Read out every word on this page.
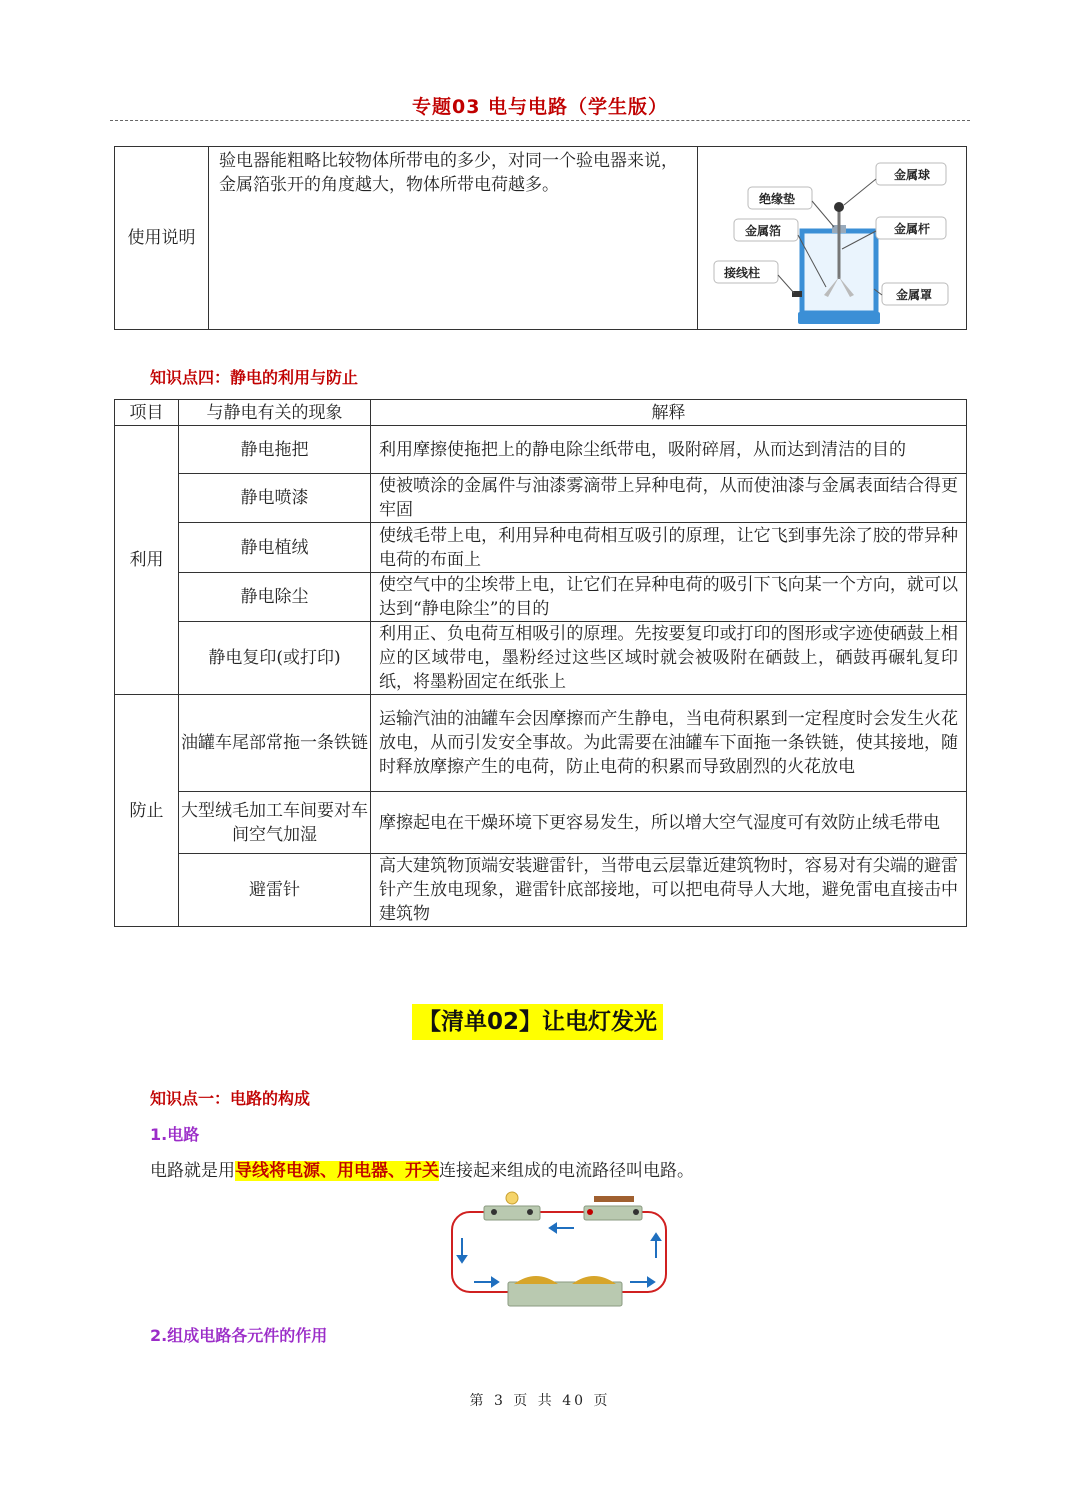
专题03 电与电路（学生版）
使用说明	验电器能粗略比较物体所带电的多少，对同一个验电器来说，金属箔张开的角度越大，物体所带电荷越多。	金属球
绝缘垫
金属箔	金属杆
接线柱
金属罩
知识点四：静电的利用与防止
项目	与静电有关的现象	解释
利用	静电拖把	利用摩擦使拖把上的静电除尘纸带电，吸附碎屑，从而达到清洁的目的
	静电喷漆	使被喷涂的金属件与油漆雾滴带上异种电荷，从而使油漆与金属表面结合得更牢固
	静电植绒	使绒毛带上电，利用异种电荷相互吸引的原理，让它飞到事先涂了胶的带异种电荷的布面上
	静电除尘	使空气中的尘埃带上电，让它们在异种电荷的吸引下飞向某一个方向，就可以达到“静电除尘”的目的
	静电复印(或打印)	利用正、负电荷互相吸引的原理。先按要复印或打印的图形或字迹使硒鼓上相应的区域带电，墨粉经过这些区域时就会被吸附在硒鼓上，硒鼓再碾轧复印纸，将墨粉固定在纸张上
防止	油罐车尾部常拖一条铁链	运输汽油的油罐车会因摩擦而产生静电，当电荷积累到一定程度时会发生火花放电，从而引发安全事故。为此需要在油罐车下面拖一条铁链，使其接地，随时释放摩擦产生的电荷，防止电荷的积累而导致剧烈的火花放电
	大型绒毛加工车间要对车间空气加湿	摩擦起电在干燥环境下更容易发生，所以增大空气湿度可有效防止绒毛带电
	避雷针	高大建筑物顶端安装避雷针，当带电云层靠近建筑物时，容易对有尖端的避雷针产生放电现象，避雷针底部接地，可以把电荷导人大地，避免雷电直接击中建筑物
【清单02】让电灯发光
知识点一：电路的构成
1.电路
电路就是用导线将电源、用电器、开关连接起来组成的电流路径叫电路。
2.组成电路各元件的作用
第 3 页 共 40 页
